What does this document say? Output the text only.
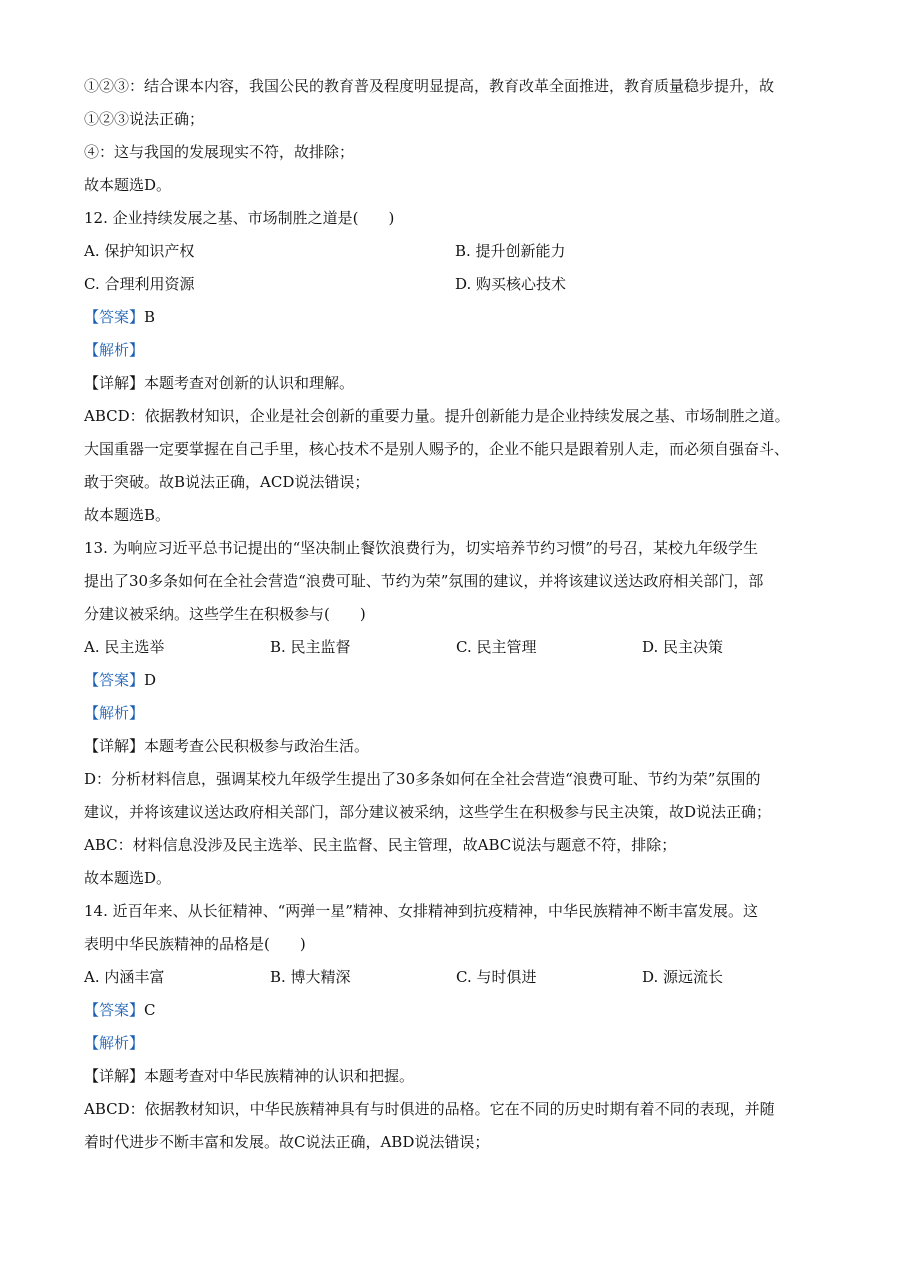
①②③：结合课本内容，我国公民的教育普及程度明显提高，教育改革全面推进，教育质量稳步提升，故
①②③说法正确；
④：这与我国的发展现实不符，故排除；
故本题选D。
12. 企业持续发展之基、市场制胜之道是(　　)
A. 保护知识产权	B. 提升创新能力
C. 合理利用资源	D. 购买核心技术
【答案】B
【解析】
【详解】本题考查对创新的认识和理解。
ABCD：依据教材知识，企业是社会创新的重要力量。提升创新能力是企业持续发展之基、市场制胜之道。
大国重器一定要掌握在自己手里，核心技术不是别人赐予的，企业不能只是跟着别人走，而必须自强奋斗、
敢于突破。故B说法正确，ACD说法错误；
故本题选B。
13. 为响应习近平总书记提出的“坚决制止餐饮浪费行为，切实培养节约习惯”的号召，某校九年级学生
提出了30多条如何在全社会营造“浪费可耻、节约为荣”氛围的建议，并将该建议送达政府相关部门，部
分建议被采纳。这些学生在积极参与(　　)
A. 民主选举	B. 民主监督	C. 民主管理	D. 民主决策
【答案】D
【解析】
【详解】本题考查公民积极参与政治生活。
D：分析材料信息，强调某校九年级学生提出了30多条如何在全社会营造“浪费可耻、节约为荣”氛围的
建议，并将该建议送达政府相关部门，部分建议被采纳，这些学生在积极参与民主决策，故D说法正确；
ABC：材料信息没涉及民主选举、民主监督、民主管理，故ABC说法与题意不符，排除；
故本题选D。
14. 近百年来、从长征精神、“两弹一星”精神、女排精神到抗疫精神，中华民族精神不断丰富发展。这
表明中华民族精神的品格是(　　)
A. 内涵丰富	B. 博大精深	C. 与时俱进	D. 源远流长
【答案】C
【解析】
【详解】本题考查对中华民族精神的认识和把握。
ABCD：依据教材知识，中华民族精神具有与时俱进的品格。它在不同的历史时期有着不同的表现，并随
着时代进步不断丰富和发展。故C说法正确，ABD说法错误；
